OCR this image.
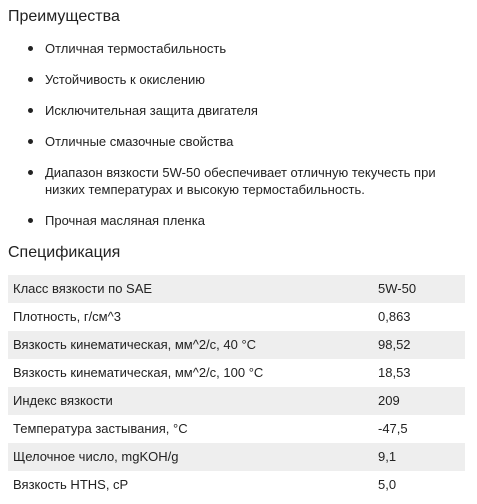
Преимущества
Отличная термостабильность
Устойчивость к окислению
Исключительная защита двигателя
Отличные смазочные свойства
Диапазон вязкости 5W-50 обеспечивает отличную текучесть при низких температурах и высокую термостабильность.
Прочная масляная пленка
Спецификация
Класс вязкости по SAE	5W-50
Плотность, г/см^3	0,863
Вязкость кинематическая, мм^2/с, 40 °С	98,52
Вязкость кинематическая, мм^2/с, 100 °С	18,53
Индекс вязкости	209
Температура застывания, °С	-47,5
Щелочное число, mgKOH/g	9,1
Вязкость HTHS, сР	5,0
